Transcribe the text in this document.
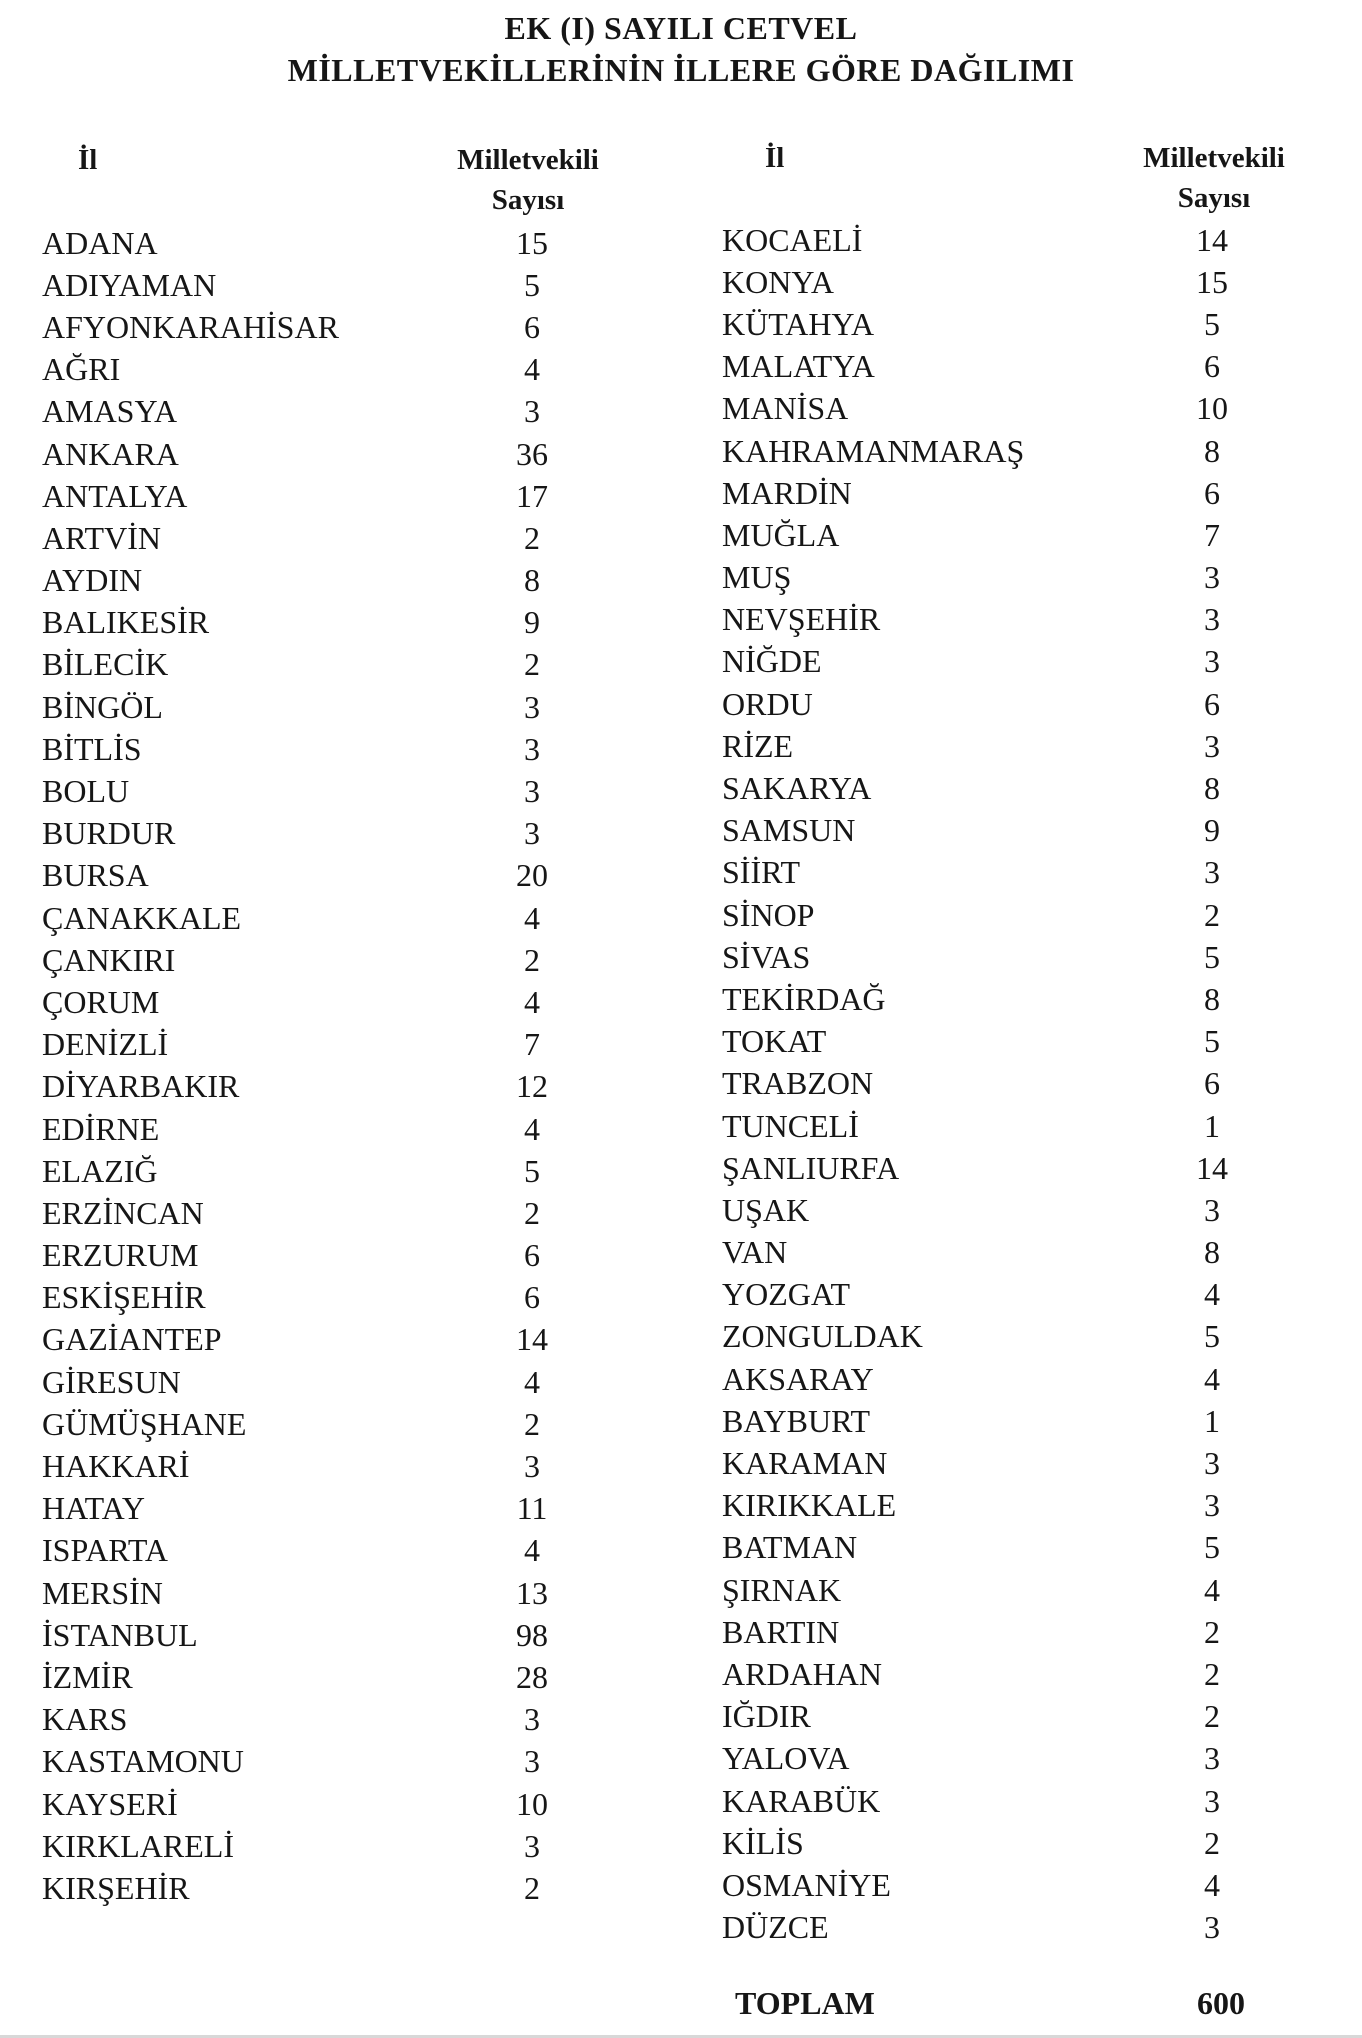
EK (I) SAYILI CETVEL
MİLLETVEKİLLERİNİN İLLERE GÖRE DAĞILIMI
İl	Milletvekili
Sayısı
İl	Milletvekili
Sayısı
ADANA	15
ADIYAMAN	5
AFYONKARAHİSAR	6
AĞRI	4
AMASYA	3
ANKARA	36
ANTALYA	17
ARTVİN	2
AYDIN	8
BALIKESİR	9
BİLECİK	2
BİNGÖL	3
BİTLİS	3
BOLU	3
BURDUR	3
BURSA	20
ÇANAKKALE	4
ÇANKIRI	2
ÇORUM	4
DENİZLİ	7
DİYARBAKIR	12
EDİRNE	4
ELAZIĞ	5
ERZİNCAN	2
ERZURUM	6
ESKİŞEHİR	6
GAZİANTEP	14
GİRESUN	4
GÜMÜŞHANE	2
HAKKARİ	3
HATAY	11
ISPARTA	4
MERSİN	13
İSTANBUL	98
İZMİR	28
KARS	3
KASTAMONU	3
KAYSERİ	10
KIRKLARELİ	3
KIRŞEHİR	2
KOCAELİ	14
KONYA	15
KÜTAHYA	5
MALATYA	6
MANİSA	10
KAHRAMANMARAŞ	8
MARDİN	6
MUĞLA	7
MUŞ	3
NEVŞEHİR	3
NİĞDE	3
ORDU	6
RİZE	3
SAKARYA	8
SAMSUN	9
SİİRT	3
SİNOP	2
SİVAS	5
TEKİRDAĞ	8
TOKAT	5
TRABZON	6
TUNCELİ	1
ŞANLIURFA	14
UŞAK	3
VAN	8
YOZGAT	4
ZONGULDAK	5
AKSARAY	4
BAYBURT	1
KARAMAN	3
KIRIKKALE	3
BATMAN	5
ŞIRNAK	4
BARTIN	2
ARDAHAN	2
IĞDIR	2
YALOVA	3
KARABÜK	3
KİLİS	2
OSMANİYE	4
DÜZCE	3
TOPLAM	600
